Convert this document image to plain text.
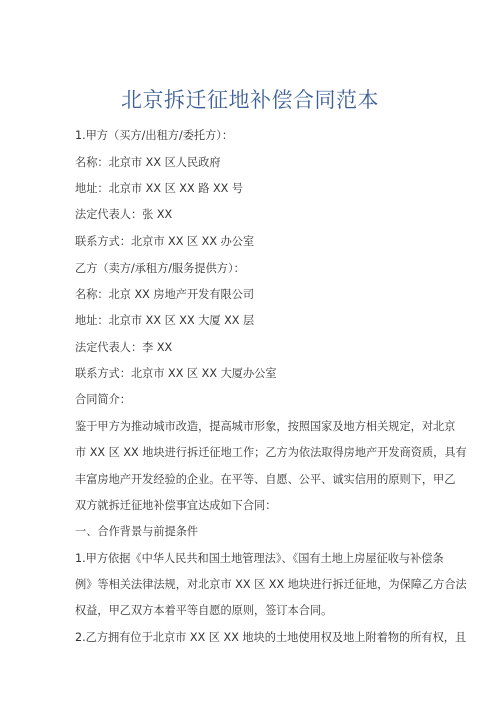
北京拆迁征地补偿合同范本
1.甲方（买方/出租方/委托方）：
名称：北京市 XX 区人民政府
地址：北京市 XX 区 XX 路 XX 号
法定代表人：张 XX
联系方式：北京市 XX 区 XX 办公室
乙方（卖方/承租方/服务提供方）：
名称：北京 XX 房地产开发有限公司
地址：北京市 XX 区 XX 大厦 XX 层
法定代表人：李 XX
联系方式：北京市 XX 区 XX 大厦办公室
合同简介：
鉴于甲方为推动城市改造，提高城市形象，按照国家及地方相关规定，对北京
市 XX 区 XX 地块进行拆迁征地工作；乙方为依法取得房地产开发商资质，具有
丰富房地产开发经验的企业。在平等、自愿、公平、诚实信用的原则下，甲乙
双方就拆迁征地补偿事宜达成如下合同：
一、合作背景与前提条件
1.甲方依据《中华人民共和国土地管理法》、《国有土地上房屋征收与补偿条
例》等相关法律法规，对北京市 XX 区 XX 地块进行拆迁征地，为保障乙方合法
权益，甲乙双方本着平等自愿的原则，签订本合同。
2.乙方拥有位于北京市 XX 区 XX 地块的土地使用权及地上附着物的所有权，且
